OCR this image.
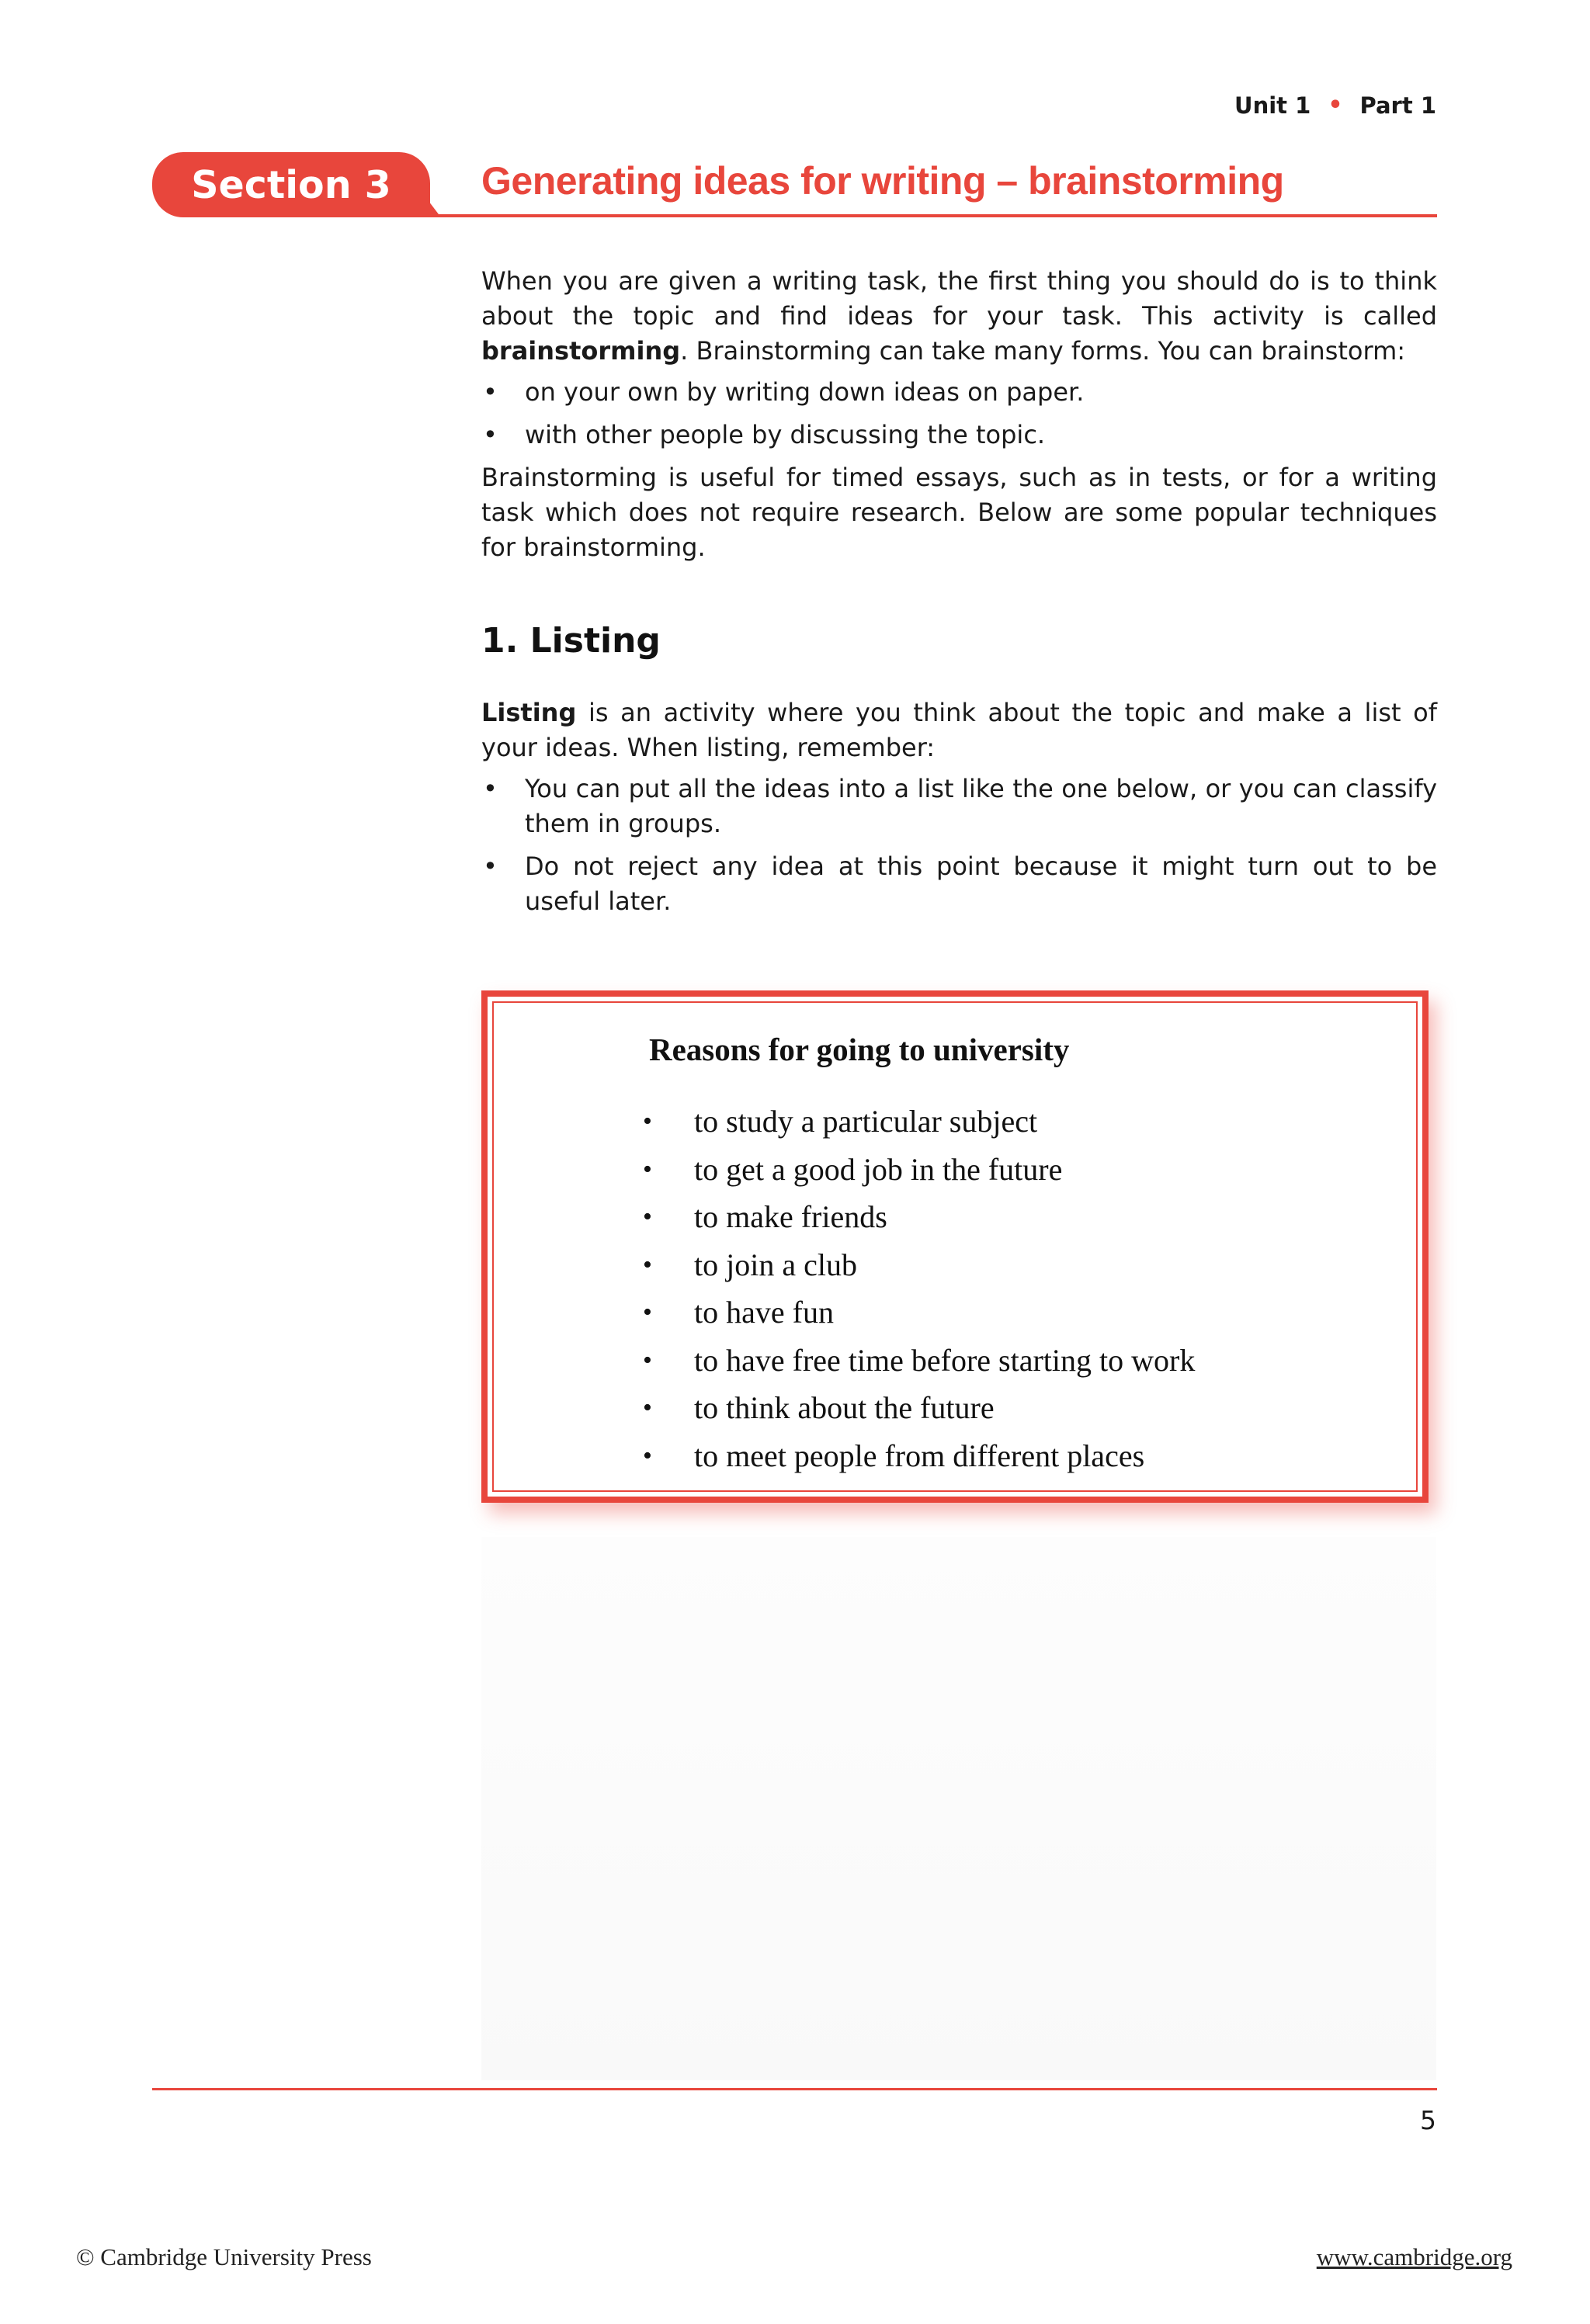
Unit 1 • Part 1
Section 3 Generating ideas for writing – brainstorming

When you are given a writing task, the first thing you should do is to think about the topic and find ideas for your task. This activity is called brainstorming. Brainstorming can take many forms. You can brainstorm:

• on your own by writing down ideas on paper.
• with other people by discussing the topic.

Brainstorming is useful for timed essays, such as in tests, or for a writing task which does not require research. Below are some popular techniques for brainstorming.

1. Listing

Listing is an activity where you think about the topic and make a list of your ideas. When listing, remember:

• You can put all the ideas into a list like the one below, or you can classify them in groups.
• Do not reject any idea at this point because it might turn out to be useful later.
Reasons for going to university
• to study a particular subject
• to get a good job in the future
• to make friends
• to join a club
• to have fun
• to have free time before starting to work
• to think about the future
• to meet people from different places
5
© Cambridge University Press	www.cambridge.org
